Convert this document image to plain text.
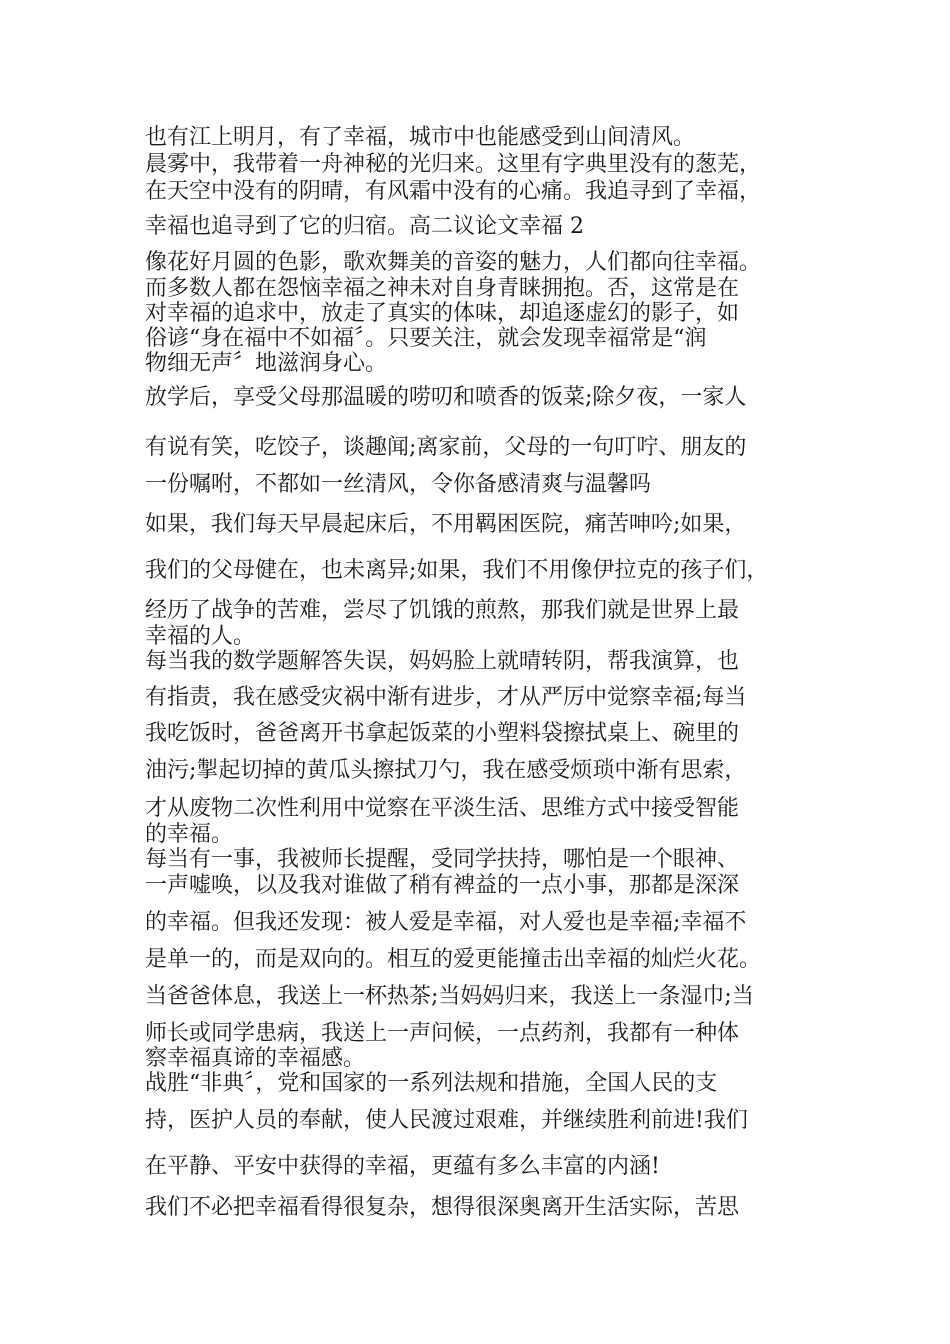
也有江上明月，有了幸福，城市中也能感受到山间清风。

晨雾中，我带着一舟神秘的光归来。这里有字典里没有的葱芜，

在天空中没有的阴晴，有风霜中没有的心痛。我追寻到了幸福，

幸福也追寻到了它的归宿。高二议论文幸福 2

像花好月圆的色影，歌欢舞美的音姿的魅力，人们都向往幸福。

而多数人都在怨恼幸福之神未对自身青睐拥抱。否，这常是在

对幸福的追求中，放走了真实的体味，却追逐虚幻的影子，如

俗谚“身在福中不如福〞。只要关注，就会发现幸福常是“润

物细无声〞地滋润身心。

放学后，享受父母那温暖的唠叨和喷香的饭菜;除夕夜，一家人

有说有笑，吃饺子，谈趣闻;离家前，父母的一句叮咛、朋友的

一份嘱咐，不都如一丝清风，令你备感清爽与温馨吗

如果，我们每天早晨起床后，不用羁困医院，痛苦呻吟;如果，

我们的父母健在，也未离异;如果，我们不用像伊拉克的孩子们，

经历了战争的苦难，尝尽了饥饿的煎熬，那我们就是世界上最

幸福的人。

每当我的数学题解答失误，妈妈脸上就晴转阴，帮我演算，也

有指责，我在感受灾祸中渐有进步，才从严厉中觉察幸福;每当

我吃饭时，爸爸离开书拿起饭菜的小塑料袋擦拭桌上、碗里的

油污;掣起切掉的黄瓜头擦拭刀勺，我在感受烦琐中渐有思索，

才从废物二次性利用中觉察在平淡生活、思维方式中接受智能

的幸福。

每当有一事，我被师长提醒，受同学扶持，哪怕是一个眼神、

一声嘘唤，以及我对谁做了稍有裨益的一点小事，那都是深深

的幸福。但我还发现：被人爱是幸福，对人爱也是幸福;幸福不

是单一的，而是双向的。相互的爱更能撞击出幸福的灿烂火花。

当爸爸体息，我送上一杯热茶;当妈妈归来，我送上一条湿巾;当

师长或同学患病，我送上一声问候，一点药剂，我都有一种体

察幸福真谛的幸福感。

战胜“非典〞，党和国家的一系列法规和措施，全国人民的支

持，医护人员的奉献，使人民渡过艰难，并继续胜利前进!我们

在平静、平安中获得的幸福，更蕴有多么丰富的内涵!

我们不必把幸福看得很复杂，想得很深奥离开生活实际，苦思
